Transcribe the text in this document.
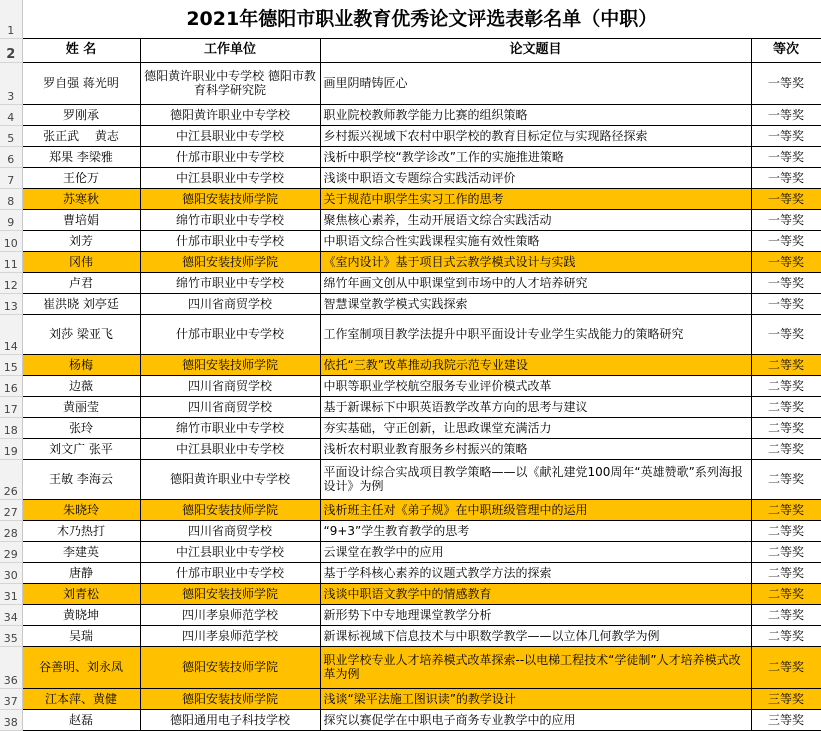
1	2021年德阳市职业教育优秀论文评选表彰名单（中职）			
2	姓 名	工作单位	论文题目	等次
3	罗自强 蒋光明	德阳黄许职业中专学校 德阳市教育科学研究院	画里阴晴铸匠心	一等奖
4	罗刚承	德阳黄许职业中专学校	职业院校教师教学能力比赛的组织策略	一等奖
5	张正武　 黄志	中江县职业中专学校	乡村振兴视域下农村中职学校的教育目标定位与实现路径探索	一等奖
6	郑果 李梁雅	什邡市职业中专学校	浅析中职学校“教学诊改”工作的实施推进策略	一等奖
7	王伦万	中江县职业中专学校	浅谈中职语文专题综合实践活动评价	一等奖
8	苏寒秋	德阳安装技师学院	关于规范中职学生实习工作的思考	一等奖
9	曹培娟	绵竹市职业中专学校	聚焦核心素养，生动开展语文综合实践活动	一等奖
10	刘芳	什邡市职业中专学校	中职语文综合性实践课程实施有效性策略	一等奖
11	冈伟	德阳安装技师学院	《室内设计》基于项目式云教学模式设计与实践	一等奖
12	卢君	绵竹市职业中专学校	绵竹年画文创从中职课堂到市场中的人才培养研究	一等奖
13	崔洪晓 刘亭廷	四川省商贸学校	智慧课堂教学模式实践探索	一等奖
14	刘莎 梁亚飞	什邡市职业中专学校	工作室制项目教学法提升中职平面设计专业学生实战能力的策略研究	一等奖
15	杨梅	德阳安装技师学院	依托“三教”改革推动我院示范专业建设	二等奖
16	边薇	四川省商贸学校	中职等职业学校航空服务专业评价模式改革	二等奖
17	黄丽莹	四川省商贸学校	基于新课标下中职英语教学改革方向的思考与建议	二等奖
18	张玲	绵竹市职业中专学校	夯实基础，守正创新，让思政课堂充满活力	二等奖
19	刘文广 张平	中江县职业中专学校	浅析农村职业教育服务乡村振兴的策略	二等奖
26	王敏 李海云	德阳黄许职业中专学校	平面设计综合实战项目教学策略——以《献礼建党100周年“英雄赞歌”系列海报设计》为例	二等奖
27	朱晓玲	德阳安装技师学院	浅析班主任对《弟子规》在中职班级管理中的运用	二等奖
28	木乃热打	四川省商贸学校	“9+3”学生教育教学的思考	二等奖
29	李建英	中江县职业中专学校	云课堂在教学中的应用	二等奖
30	唐静	什邡市职业中专学校	基于学科核心素养的议题式教学方法的探索	二等奖
31	刘青松	德阳安装技师学院	浅谈中职语文教学中的情感教育	二等奖
34	黄晓坤	四川孝泉师范学校	新形势下中专地理课堂教学分析	二等奖
35	吴瑞	四川孝泉师范学校	新课标视域下信息技术与中职数学教学——以立体几何教学为例	二等奖
36	谷善明、刘永凤	德阳安装技师学院	职业学校专业人才培养模式改革探索--以电梯工程技术“学徒制”人才培养模式改革为例	二等奖
37	江本萍、黄健	德阳安装技师学院	浅谈“梁平法施工图识读”的教学设计	三等奖
38	赵磊	德阳通用电子科技学校	探究以赛促学在中职电子商务专业教学中的应用	三等奖
